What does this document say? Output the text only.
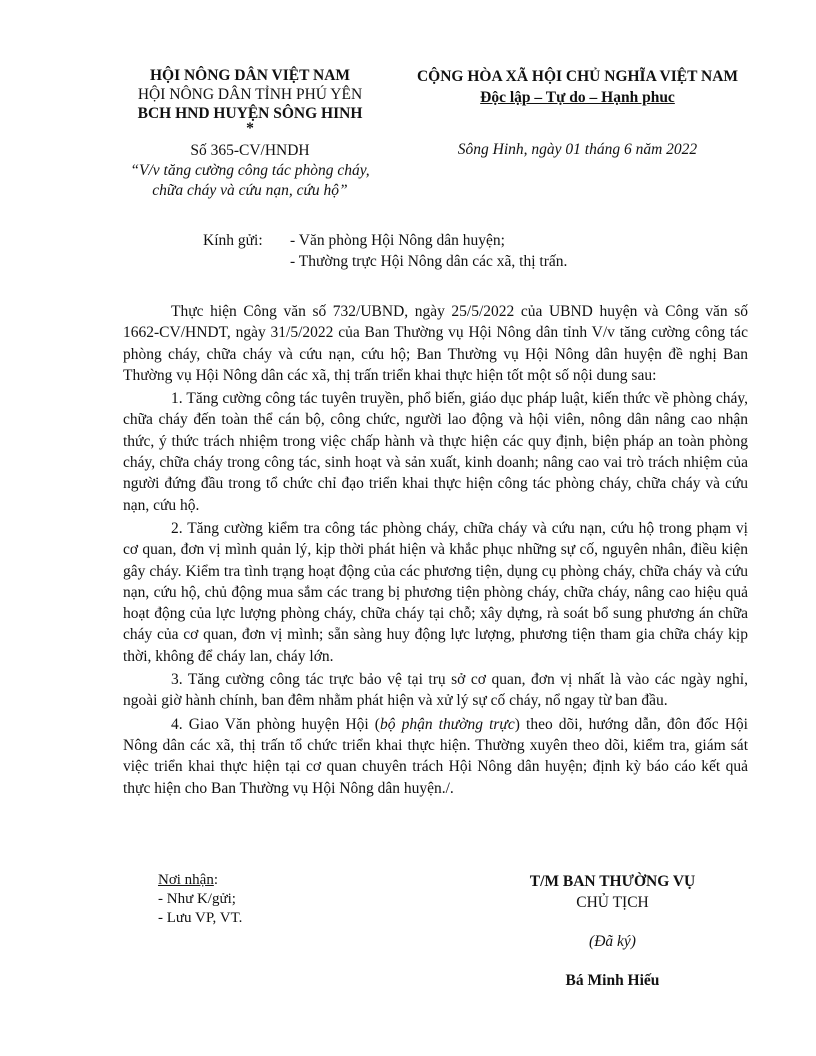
HỘI NÔNG DÂN VIỆT NAM
HỘI NÔNG DÂN TỈNH PHÚ YÊN
BCH HND HUYỆN SÔNG HINH
*
CỘNG HÒA XÃ HỘI CHỦ NGHĨA VIỆT NAM
Độc lập – Tự do – Hạnh phuc
Số 365-CV/HNDH
“V/v tăng cường công tác phòng cháy,
chữa cháy và cứu nạn, cứu hộ”
Sông Hinh, ngày 01 tháng 6 năm 2022
Kính gửi:	- Văn phòng Hội Nông dân huyện;
- Thường trực Hội Nông dân các xã, thị trấn.

Thực hiện Công văn số 732/UBND, ngày 25/5/2022 của UBND huyện và Công văn số 1662-CV/HNDT, ngày 31/5/2022 của Ban Thường vụ Hội Nông dân tỉnh V/v tăng cường công tác phòng cháy, chữa cháy và cứu nạn, cứu hộ; Ban Thường vụ Hội Nông dân huyện đề nghị Ban Thường vụ Hội Nông dân các xã, thị trấn triển khai thực hiện tốt một số nội dung sau:

1. Tăng cường công tác tuyên truyền, phổ biến, giáo dục pháp luật, kiến thức về phòng cháy, chữa cháy đến toàn thể cán bộ, công chức, người lao động và hội viên, nông dân nâng cao nhận thức, ý thức trách nhiệm trong việc chấp hành và thực hiện các quy định, biện pháp an toàn phòng cháy, chữa cháy trong công tác, sinh hoạt và sản xuất, kinh doanh; nâng cao vai trò trách nhiệm của người đứng đầu trong tổ chức chỉ đạo triển khai thực hiện công tác phòng cháy, chữa cháy và cứu nạn, cứu hộ.

2. Tăng cường kiểm tra công tác phòng cháy, chữa cháy và cứu nạn, cứu hộ trong phạm vị cơ quan, đơn vị mình quản lý, kịp thời phát hiện và khắc phục những sự cố, nguyên nhân, điều kiện gây cháy. Kiểm tra tình trạng hoạt động của các phương tiện, dụng cụ phòng cháy, chữa cháy và cứu nạn, cứu hộ, chủ động mua sắm các trang bị phương tiện phòng cháy, chữa cháy, nâng cao hiệu quả hoạt động của lực lượng phòng cháy, chữa cháy tại chỗ; xây dựng, rà soát bổ sung phương án chữa cháy của cơ quan, đơn vị mình; sẵn sàng huy động lực lượng, phương tiện tham gia chữa cháy kịp thời, không để cháy lan, cháy lớn.

3. Tăng cường công tác trực bảo vệ tại trụ sở cơ quan, đơn vị nhất là vào các ngày nghỉ, ngoài giờ hành chính, ban đêm nhằm phát hiện và xử lý sự cố cháy, nổ ngay từ ban đầu.

4. Giao Văn phòng huyện Hội (bộ phận thường trực) theo dõi, hướng dẫn, đôn đốc Hội Nông dân các xã, thị trấn tổ chức triển khai thực hiện. Thường xuyên theo dõi, kiểm tra, giám sát việc triển khai thực hiện tại cơ quan chuyên trách Hội Nông dân huyện; định kỳ báo cáo kết quả thực hiện cho Ban Thường vụ Hội Nông dân huyện./.

Nơi nhận:
- Như K/gửi;
- Lưu VP, VT.
T/M BAN THƯỜNG VỤ
CHỦ TỊCH
(Đã ký)
Bá Minh Hiếu
